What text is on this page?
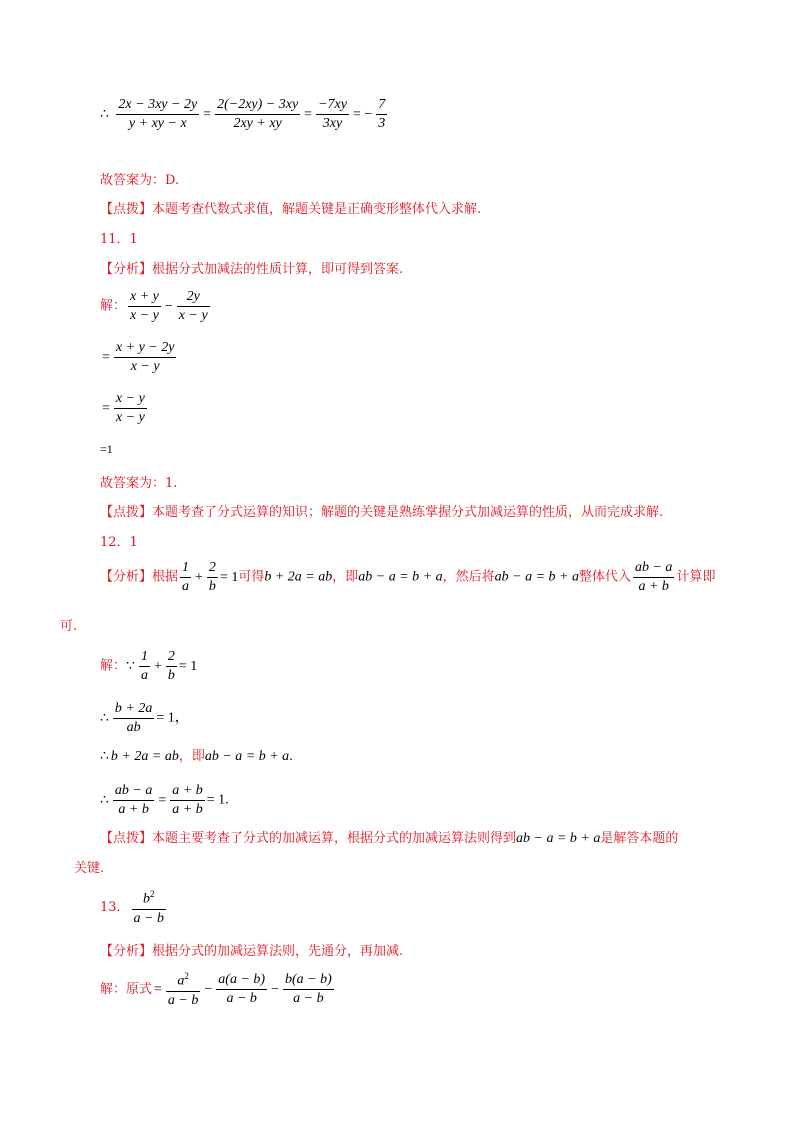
∴ $\frac{2x - 3xy - 2y}{y + xy - x} = \frac{2(-2xy) - 3xy}{2xy + xy} = \frac{-7xy}{3xy}$ = − $\frac{7}{3}$
故答案为：D.
【点拨】本题考查代数式求值，解题关键是正确变形整体代入求解.
11．1
【分析】根据分式加减法的性质计算，即可得到答案.
解： $\frac{x + y}{x - y} - \frac{2y}{x - y}$
= $\frac{x + y - 2y}{x - y}$
= $\frac{x - y}{x - y}$
=1
故答案为：1.
【点拨】本题考查了分式运算的知识；解题的关键是熟练掌握分式加减运算的性质，从而完成求解.
12．1
【分析】根据 $\frac{1}{a} + \frac{2}{b} = 1$可得b + 2a = ab，即ab − a = b + a，然后将ab − a = b + a整体代入 $\frac{ab - a}{a + b}$ 计算即
可.
解：∵ $\frac{1}{a} + \frac{2}{b} = 1$
∴ $\frac{b + 2a}{ab} = 1$，
∴ b + 2a = ab，即ab − a = b + a.
∴ $\frac{ab - a}{a + b} = \frac{a + b}{a + b} = 1$.
【点拨】本题主要考查了分式的加减运算，根据分式的加减运算法则得到ab − a = b + a是解答本题的
关键.
13． $\frac{b^2}{a - b}$
【分析】根据分式的加减运算法则，先通分，再加减.
解：原式 = $\frac{a^2}{a - b} - \frac{a(a - b)}{a - b} - \frac{b(a - b)}{a - b}$
